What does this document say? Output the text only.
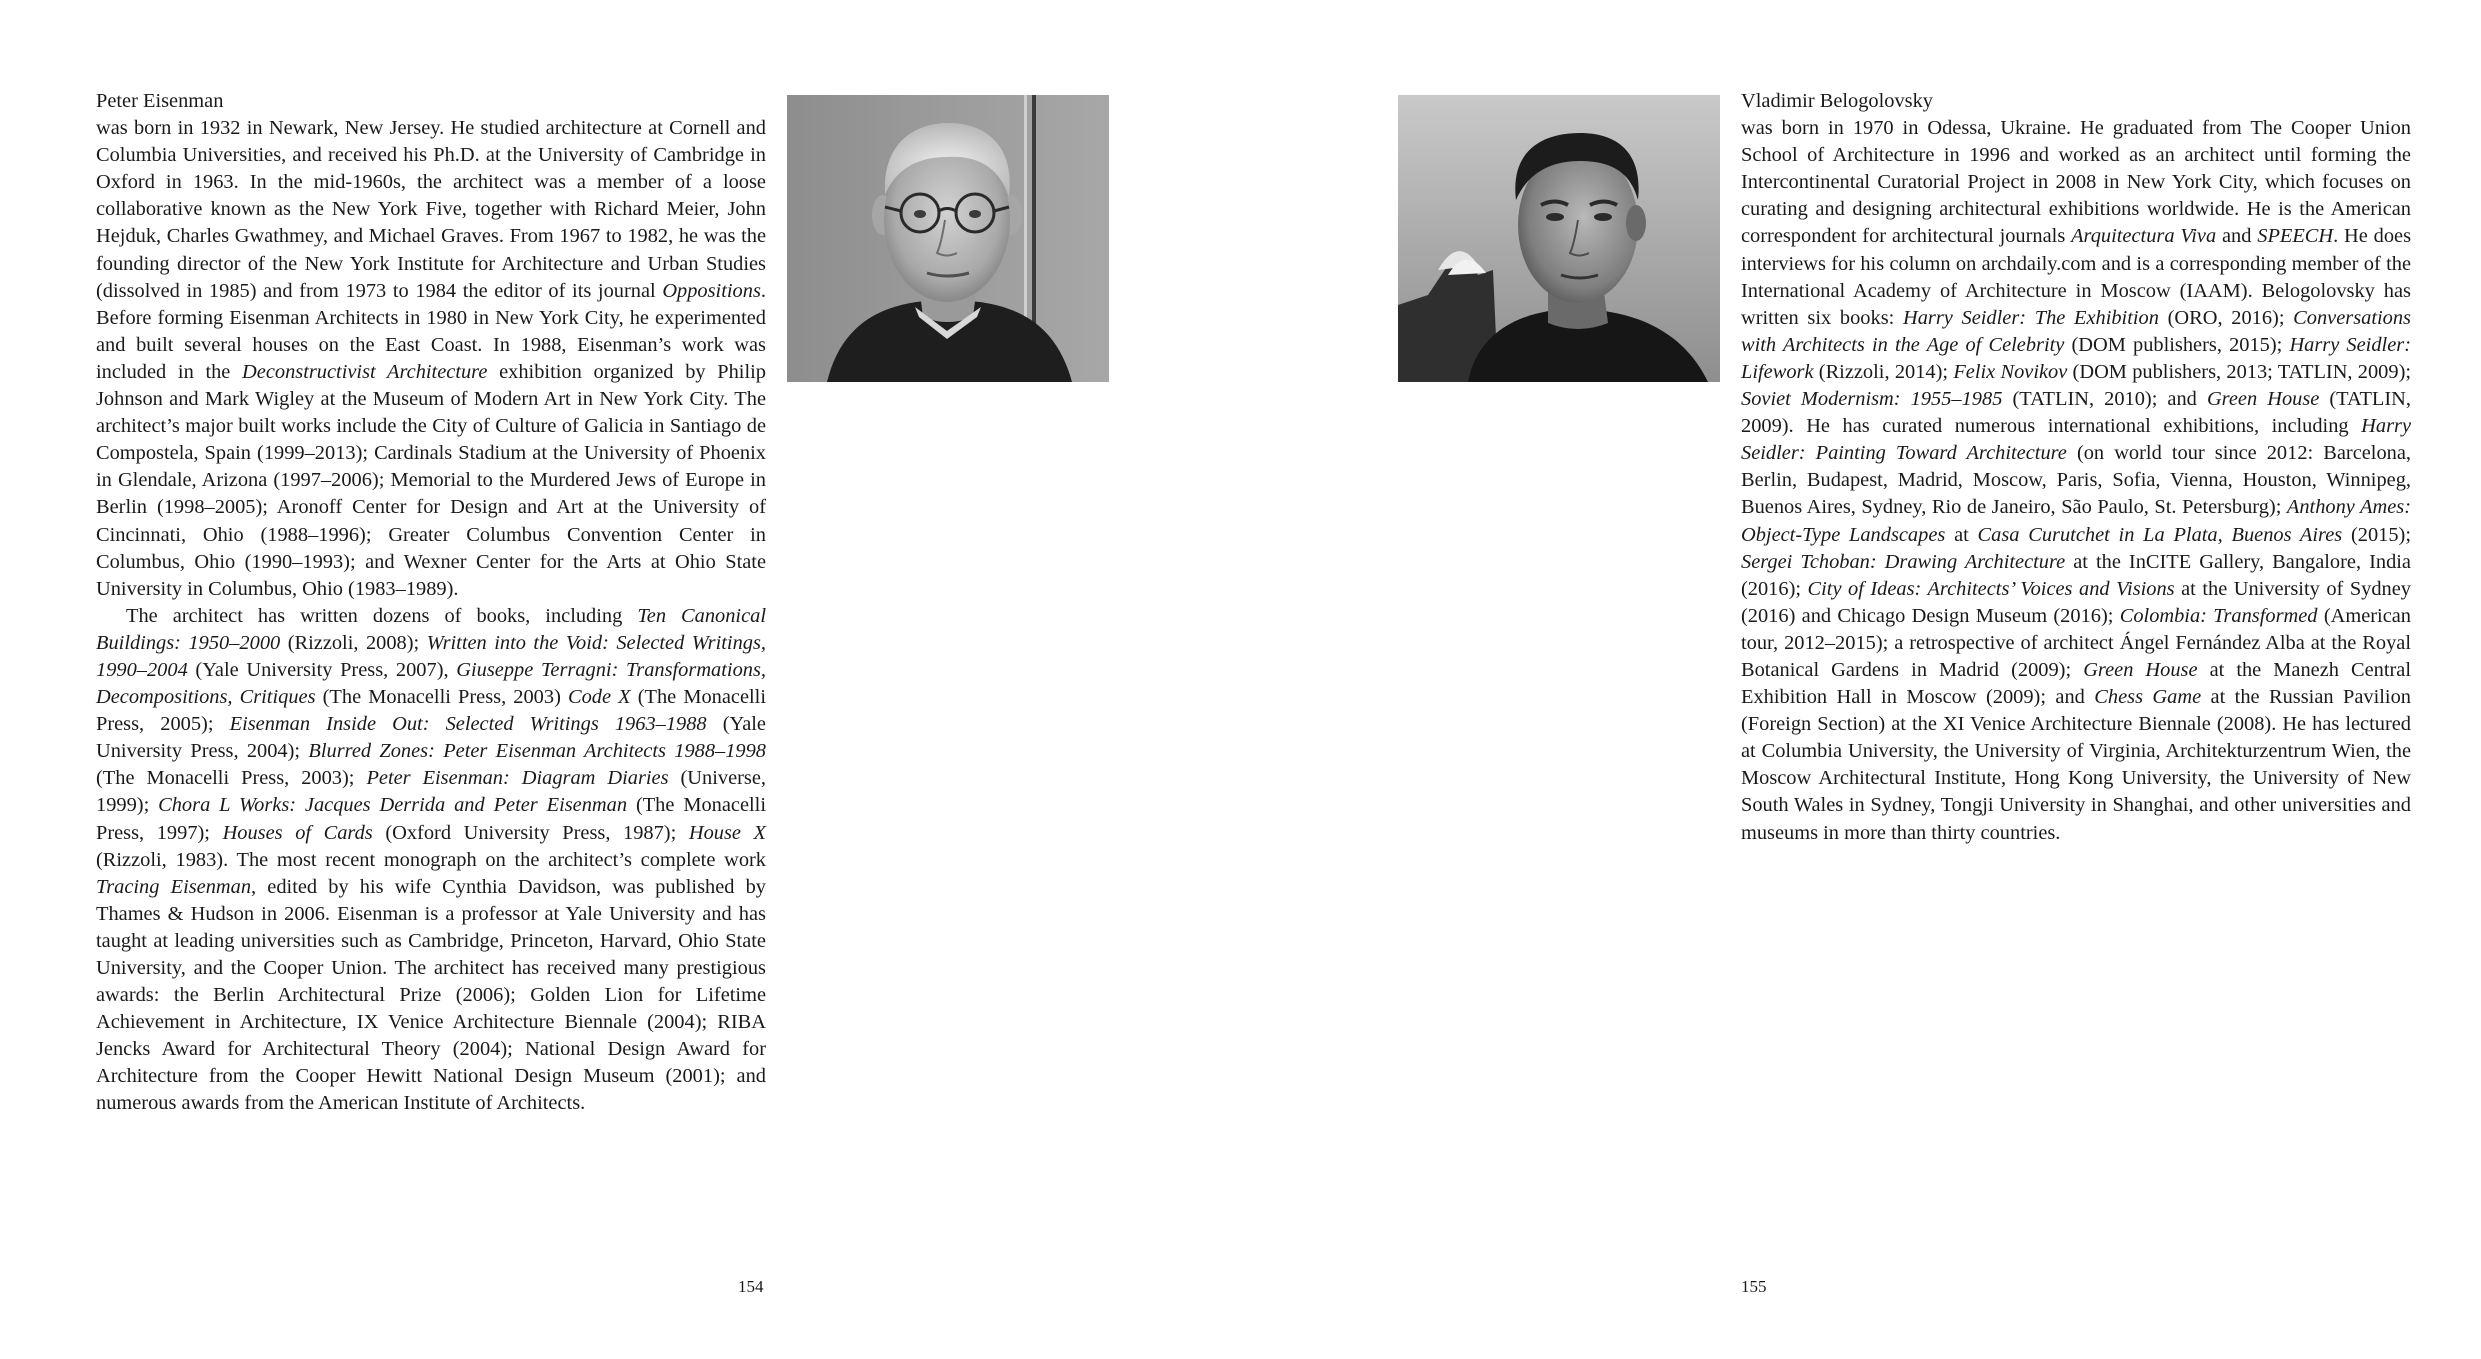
Peter Eisenman

was born in 1932 in Newark, New Jersey. He studied architecture at Cornell and Columbia Universities, and received his Ph.D. at the University of Cambridge in Oxford in 1963. In the mid-1960s, the architect was a member of a loose collaborative known as the New York Five, together with Richard Meier, John Hejduk, Charles Gwathmey, and Michael Graves. From 1967 to 1982, he was the founding director of the New York Institute for Architecture and Urban Studies (dissolved in 1985) and from 1973 to 1984 the editor of its journal Oppositions. Before forming Eisenman Architects in 1980 in New York City, he experimented and built several houses on the East Coast. In 1988, Eisenman’s work was included in the Deconstructivist Architecture exhibition organized by Philip Johnson and Mark Wigley at the Museum of Modern Art in New York City. The architect’s major built works include the City of Culture of Galicia in Santiago de Compostela, Spain (1999–2013); Cardinals Stadium at the University of Phoenix in Glendale, Arizona (1997–2006); Memorial to the Murdered Jews of Europe in Berlin (1998–2005); Aronoff Center for Design and Art at the University of Cincinnati, Ohio (1988–1996); Greater Columbus Convention Center in Columbus, Ohio (1990–1993); and Wexner Center for the Arts at Ohio State University in Columbus, Ohio (1983–1989).

The architect has written dozens of books, including Ten Canonical Buildings: 1950–2000 (Rizzoli, 2008); Written into the Void: Selected Writings, 1990–2004 (Yale University Press, 2007), Giuseppe Terragni: Transformations, Decompositions, Critiques (The Monacelli Press, 2003) Code X (The Monacelli Press, 2005); Eisenman Inside Out: Selected Writings 1963–1988 (Yale University Press, 2004); Blurred Zones: Peter Eisenman Architects 1988–1998 (The Monacelli Press, 2003); Peter Eisenman: Diagram Diaries (Universe, 1999); Chora L Works: Jacques Derrida and Peter Eisenman (The Monacelli Press, 1997); Houses of Cards (Oxford University Press, 1987); House X (Rizzoli, 1983). The most recent monograph on the architect’s complete work Tracing Eisenman, edited by his wife Cynthia Davidson, was published by Thames & Hudson in 2006. Eisenman is a professor at Yale University and has taught at leading universities such as Cambridge, Princeton, Harvard, Ohio State University, and the Cooper Union. The architect has received many prestigious awards: the Berlin Architectural Prize (2006); Golden Lion for Lifetime Achievement in Architecture, IX Venice Architecture Biennale (2004); RIBA Jencks Award for Architectural Theory (2004); National Design Award for Architecture from the Cooper Hewitt National Design Museum (2001); and numerous awards from the American Institute of Architects.

154
Vladimir Belogolovsky

was born in 1970 in Odessa, Ukraine. He graduated from The Cooper Union School of Architecture in 1996 and worked as an architect until forming the Intercontinental Curatorial Project in 2008 in New York City, which focuses on curating and designing architectural exhibitions worldwide. He is the American correspondent for architectural journals Arquitectura Viva and SPEECH. He does interviews for his column on archdaily.com and is a corresponding member of the International Academy of Architecture in Moscow (IAAM). Belogolovsky has written six books: Harry Seidler: The Exhibition (ORO, 2016); Conversations with Architects in the Age of Celebrity (DOM publishers, 2015); Harry Seidler: Lifework (Rizzoli, 2014); Felix Novikov (DOM publishers, 2013; TATLIN, 2009); Soviet Modernism: 1955–1985 (TATLIN, 2010); and Green House (TATLIN, 2009). He has curated numerous international exhibitions, including Harry Seidler: Painting Toward Architecture (on world tour since 2012: Barcelona, Berlin, Budapest, Madrid, Moscow, Paris, Sofia, Vienna, Houston, Winnipeg, Buenos Aires, Sydney, Rio de Janeiro, São Paulo, St. Petersburg); Anthony Ames: Object-Type Landscapes at Casa Curutchet in La Plata, Buenos Aires (2015); Sergei Tchoban: Drawing Architecture at the InCITE Gallery, Bangalore, India (2016); City of Ideas: Architects’ Voices and Visions at the University of Sydney (2016) and Chicago Design Museum (2016); Colombia: Transformed (American tour, 2012–2015); a retrospective of architect Ángel Fernández Alba at the Royal Botanical Gardens in Madrid (2009); Green House at the Manezh Central Exhibition Hall in Moscow (2009); and Chess Game at the Russian Pavilion (Foreign Section) at the XI Venice Architecture Biennale (2008). He has lectured at Columbia University, the University of Virginia, Architekturzentrum Wien, the Moscow Architectural Institute, Hong Kong University, the University of New South Wales in Sydney, Tongji University in Shanghai, and other universities and museums in more than thirty countries.

155
